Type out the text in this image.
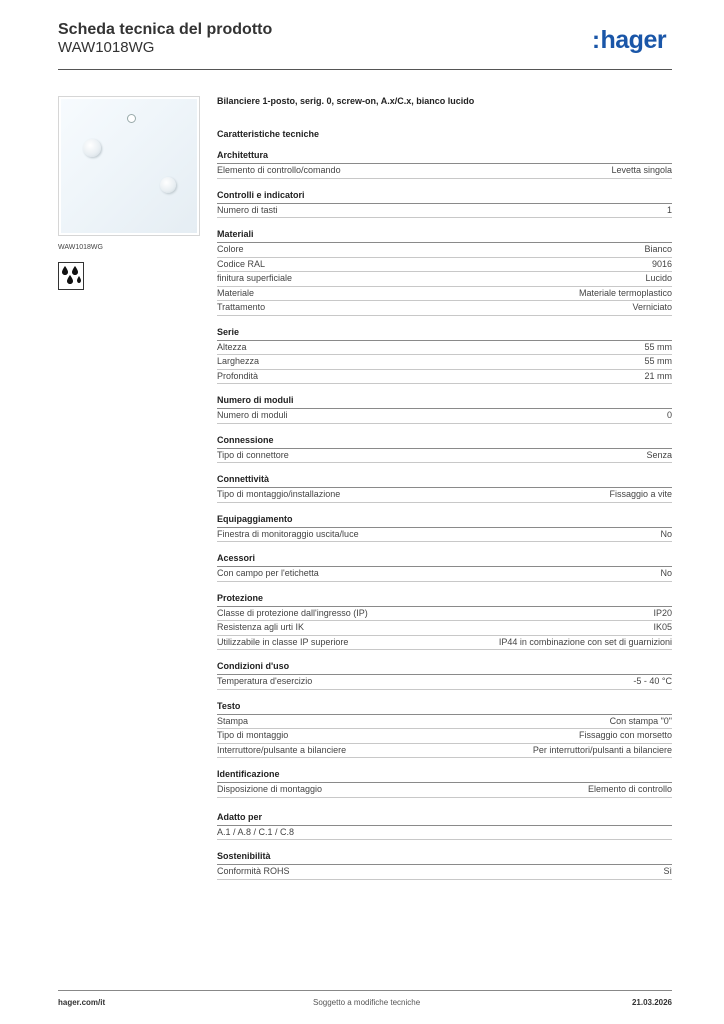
Scheda tecnica del prodotto
WAW1018WG	:hager
WAW1018WG
Bilanciere 1-posto, serig. 0, screw-on, A.x/C.x, bianco lucido
Caratteristiche tecniche
Architettura
Elemento di controllo/comando	Levetta singola
Controlli e indicatori
Numero di tasti	1
Materiali
Colore	Bianco
Codice RAL	9016
finitura superficiale	Lucido
Materiale	Materiale termoplastico
Trattamento	Verniciato
Serie
Altezza	55 mm
Larghezza	55 mm
Profondità	21 mm
Numero di moduli
Numero di moduli	0
Connessione
Tipo di connettore	Senza
Connettività
Tipo di montaggio/installazione	Fissaggio a vite
Equipaggiamento
Finestra di monitoraggio uscita/luce	No
Acessori
Con campo per l'etichetta	No
Protezione
Classe di protezione dall'ingresso (IP)	IP20
Resistenza agli urti IK	IK05
Utilizzabile in classe IP superiore	IP44 in combinazione con set di guarnizioni
Condizioni d'uso
Temperatura d'esercizio	-5 - 40 °C
Testo
Stampa	Con stampa "0"
Tipo di montaggio	Fissaggio con morsetto
Interruttore/pulsante a bilanciere	Per interruttori/pulsanti a bilanciere
Identificazione
Disposizione di montaggio	Elemento di controllo
Adatto per
A.1 / A.8 / C.1 / C.8
Sostenibilità
Conformità ROHS	Sì
hager.com/it	Soggetto a modifiche tecniche	21.03.2026
